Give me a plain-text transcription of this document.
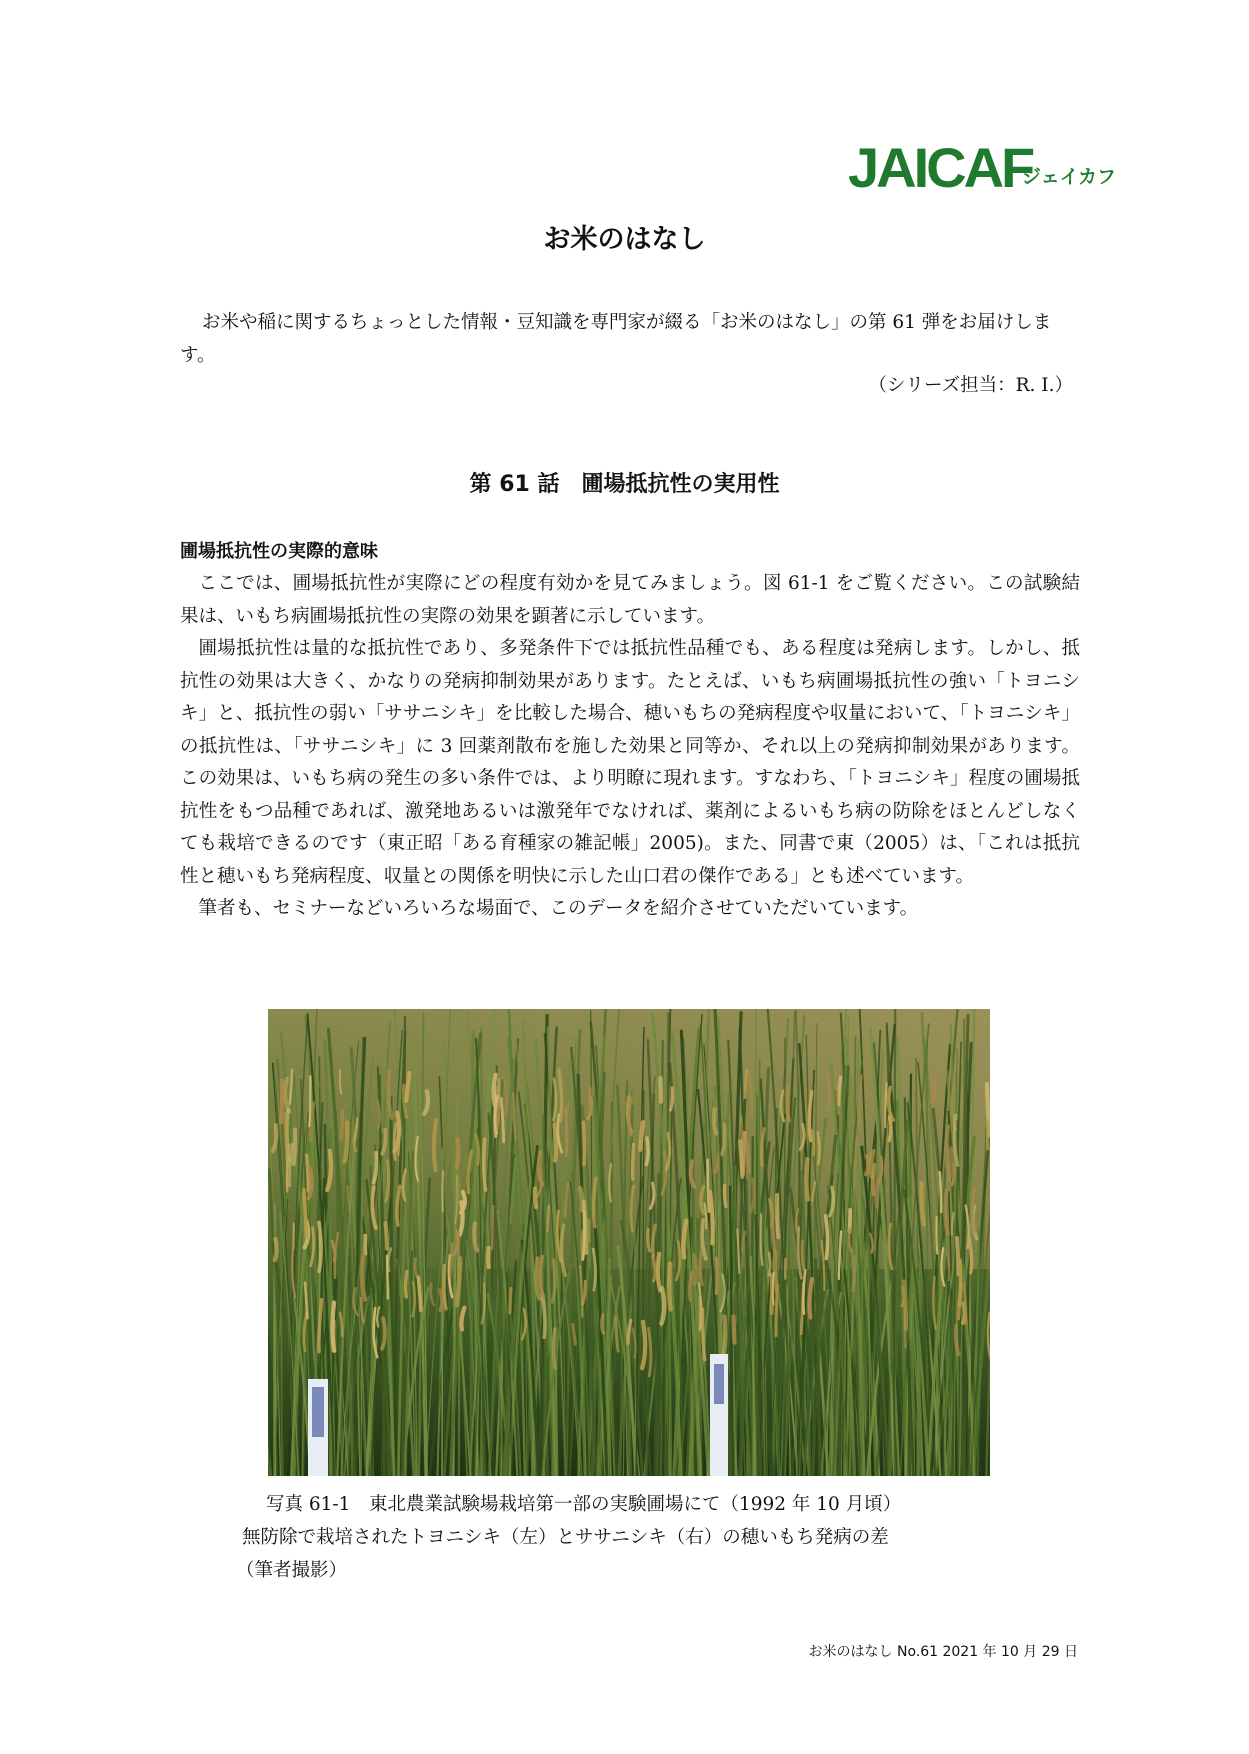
JAICAF
ジェイカフ
お米のはなし

お米や稲に関するちょっとした情報・豆知識を専門家が綴る「お米のはなし」の第 61 弾をお届けします。

（シリーズ担当：R. I.）
第 61 話　圃場抵抗性の実用性
圃場抵抗性の実際的意味

ここでは、圃場抵抗性が実際にどの程度有効かを見てみましょう。図 61-1 をご覧ください。この試験結果は、いもち病圃場抵抗性の実際の効果を顕著に示しています。

圃場抵抗性は量的な抵抗性であり、多発条件下では抵抗性品種でも、ある程度は発病します。しかし、抵抗性の効果は大きく、かなりの発病抑制効果があります。たとえば、いもち病圃場抵抗性の強い「トヨニシキ」と、抵抗性の弱い「ササニシキ」を比較した場合、穂いもちの発病程度や収量において、「トヨニシキ」の抵抗性は、「ササニシキ」に 3 回薬剤散布を施した効果と同等か、それ以上の発病抑制効果があります。この効果は、いもち病の発生の多い条件では、より明瞭に現れます。すなわち、「トヨニシキ」程度の圃場抵抗性をもつ品種であれば、激発地あるいは激発年でなければ、薬剤によるいもち病の防除をほとんどしなくても栽培できるのです（東正昭「ある育種家の雑記帳」2005)。また、同書で東（2005）は、「これは抵抗性と穂いもち発病程度、収量との関係を明快に示した山口君の傑作である」とも述べています。

筆者も、セミナーなどいろいろな場面で、このデータを紹介させていただいています。

写真 61-1　東北農業試験場栽培第一部の実験圃場にて（1992 年 10 月頃）
無防除で栽培されたトヨニシキ（左）とササニシキ（右）の穂いもち発病の差
（筆者撮影）
お米のはなし No.61 2021 年 10 月 29 日
